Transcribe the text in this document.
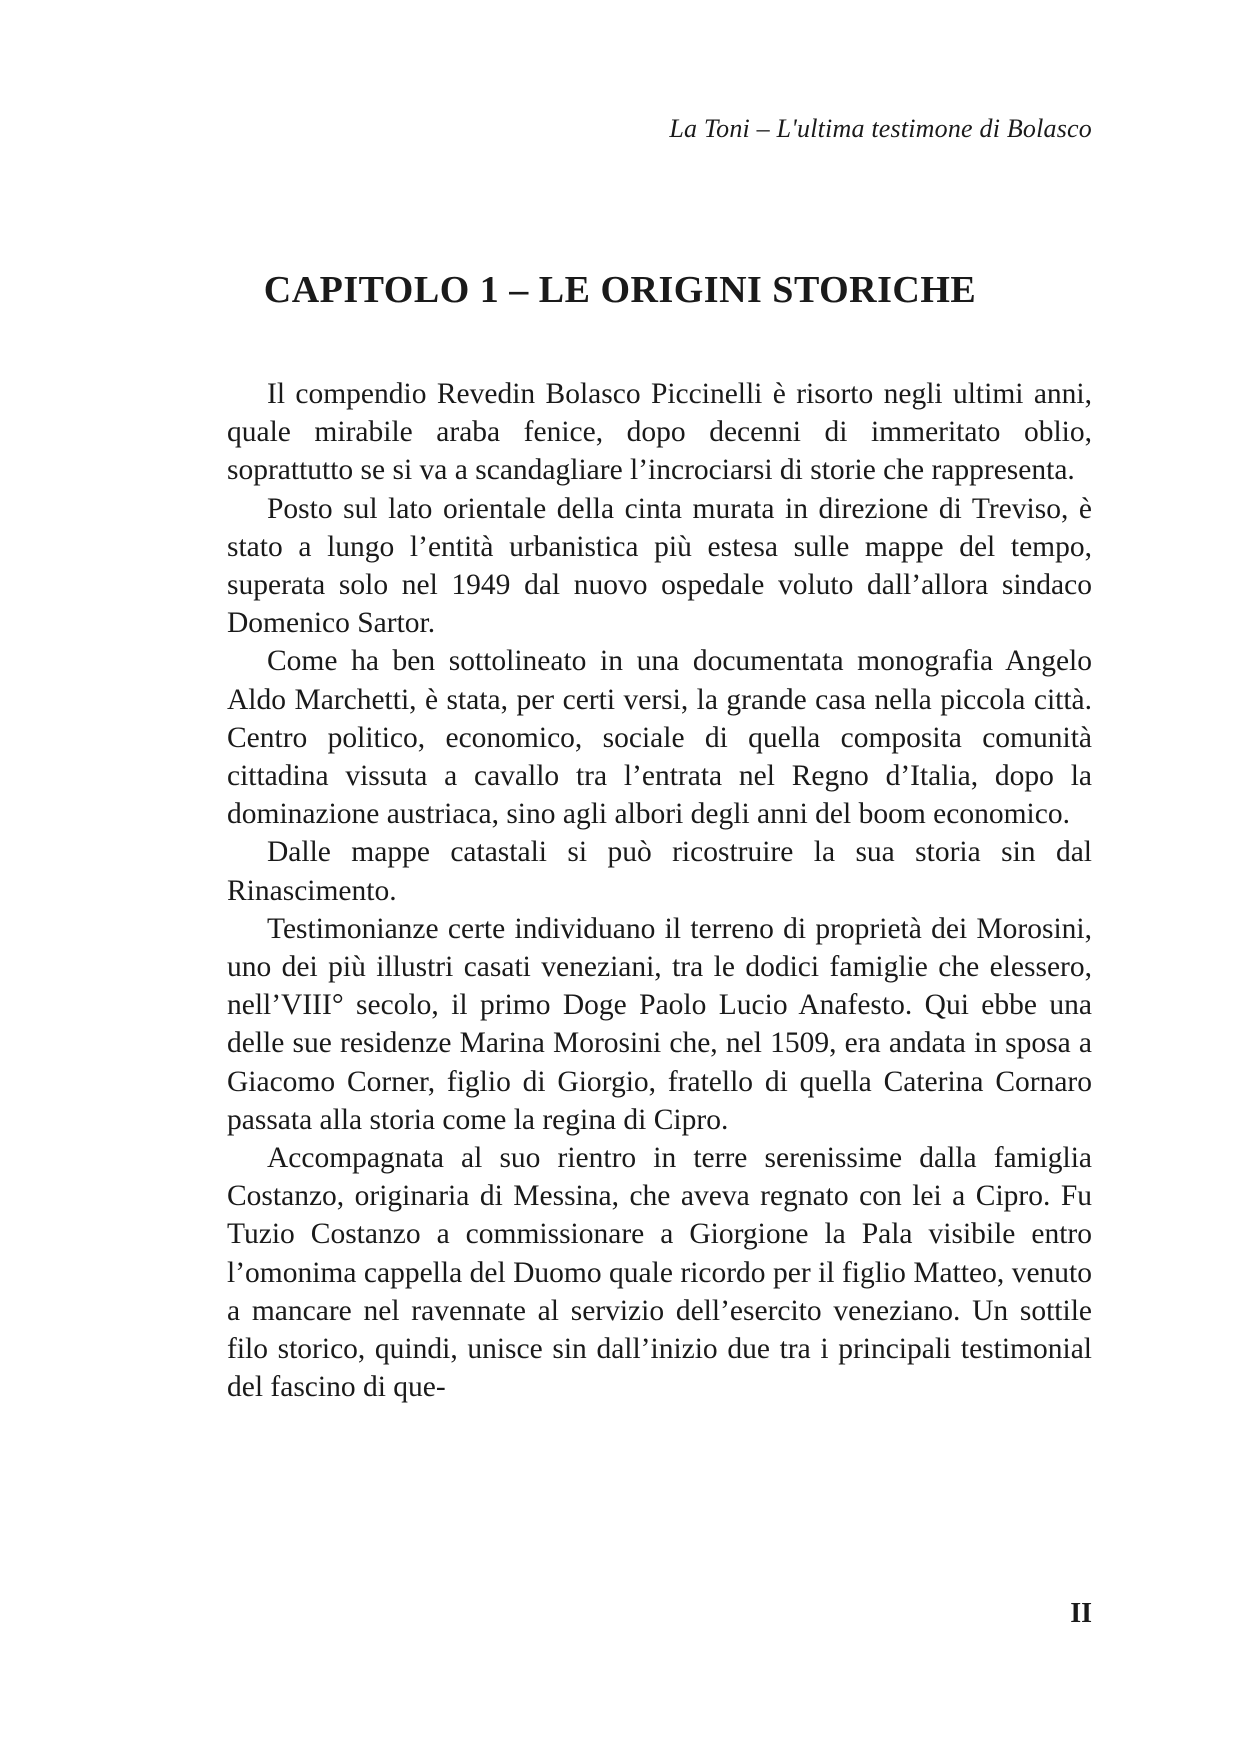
La Toni – L'ultima testimone di Bolasco
CAPITOLO 1 – LE ORIGINI STORICHE

Il compendio Revedin Bolasco Piccinelli è risorto negli ultimi anni, quale mirabile araba fenice, dopo decenni di immeritato oblio, soprattutto se si va a scandagliare l’incrociarsi di storie che rappresenta.

Posto sul lato orientale della cinta murata in direzione di Treviso, è stato a lungo l’entità urbanistica più estesa sulle mappe del tempo, superata solo nel 1949 dal nuovo ospedale voluto dall’allora sindaco Domenico Sartor.

Come ha ben sottolineato in una documentata monografia Angelo Aldo Marchetti, è stata, per certi versi, la grande casa nella piccola città. Centro politico, economico, sociale di quella composita comunità cittadina vissuta a cavallo tra l’entrata nel Regno d’Italia, dopo la dominazione austriaca, sino agli albori degli anni del boom economico.

Dalle mappe catastali si può ricostruire la sua storia sin dal Rinascimento.

Testimonianze certe individuano il terreno di proprietà dei Morosini, uno dei più illustri casati veneziani, tra le dodici famiglie che elessero, nell’VIII° secolo, il primo Doge Paolo Lucio Anafesto. Qui ebbe una delle sue residenze Marina Morosini che, nel 1509, era andata in sposa a Giacomo Corner, figlio di Giorgio, fratello di quella Caterina Cornaro passata alla storia come la regina di Cipro.

Accompagnata al suo rientro in terre serenissime dalla famiglia Costanzo, originaria di Messina, che aveva regnato con lei a Cipro. Fu Tuzio Costanzo a commissionare a Giorgione la Pala visibile entro l’omonima cappella del Duomo quale ricordo per il figlio Matteo, venuto a mancare nel ravennate al servizio dell’esercito veneziano. Un sottile filo storico, quindi, unisce sin dall’inizio due tra i principali testimonial del fascino di que-

II
